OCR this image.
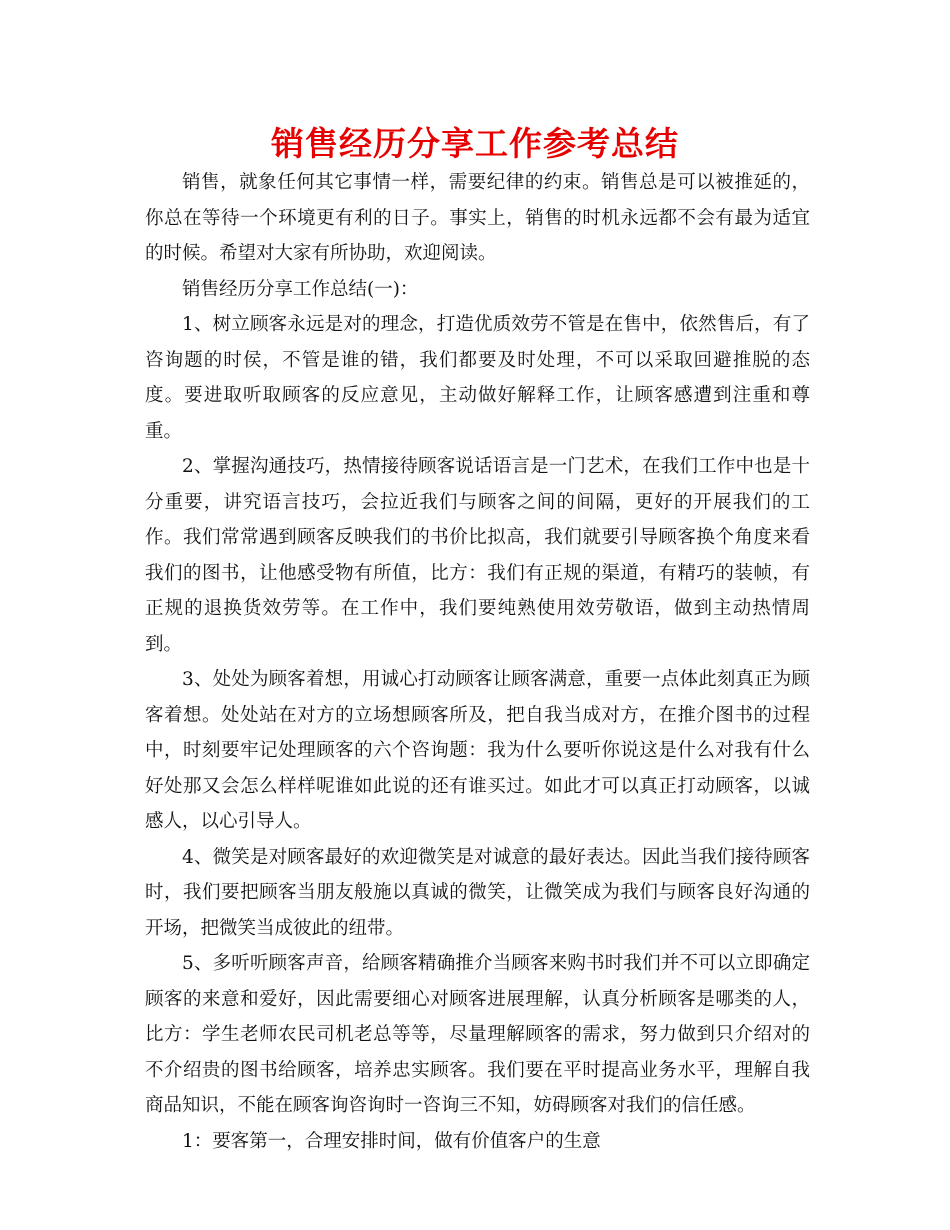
销售经历分享工作参考总结

销售，就象任何其它事情一样，需要纪律的约束。销售总是可以被推延的，你总在等待一个环境更有利的日子。事实上，销售的时机永远都不会有最为适宜的时候。希望对大家有所协助，欢迎阅读。

销售经历分享工作总结(一)：

1、树立顾客永远是对的理念，打造优质效劳不管是在售中，依然售后，有了咨询题的时侯，不管是谁的错，我们都要及时处理，不可以采取回避推脱的态度。要进取听取顾客的反应意见，主动做好解释工作，让顾客感遭到注重和尊重。

2、掌握沟通技巧，热情接待顾客说话语言是一门艺术，在我们工作中也是十分重要，讲究语言技巧，会拉近我们与顾客之间的间隔，更好的开展我们的工作。我们常常遇到顾客反映我们的书价比拟高，我们就要引导顾客换个角度来看我们的图书，让他感受物有所值，比方：我们有正规的渠道，有精巧的装帧，有正规的退换货效劳等。在工作中，我们要纯熟使用效劳敬语，做到主动热情周到。

3、处处为顾客着想，用诚心打动顾客让顾客满意，重要一点体此刻真正为顾客着想。处处站在对方的立场想顾客所及，把自我当成对方，在推介图书的过程中，时刻要牢记处理顾客的六个咨询题：我为什么要听你说这是什么对我有什么好处那又会怎么样样呢谁如此说的还有谁买过。如此才可以真正打动顾客，以诚感人，以心引导人。

4、微笑是对顾客最好的欢迎微笑是对诚意的最好表达。因此当我们接待顾客时，我们要把顾客当朋友般施以真诚的微笑，让微笑成为我们与顾客良好沟通的开场，把微笑当成彼此的纽带。

5、多听听顾客声音，给顾客精确推介当顾客来购书时我们并不可以立即确定顾客的来意和爱好，因此需要细心对顾客进展理解，认真分析顾客是哪类的人，比方：学生老师农民司机老总等等，尽量理解顾客的需求，努力做到只介绍对的不介绍贵的图书给顾客，培养忠实顾客。我们要在平时提高业务水平，理解自我商品知识，不能在顾客询咨询时一咨询三不知，妨碍顾客对我们的信任感。

1：要客第一，合理安排时间，做有价值客户的生意
